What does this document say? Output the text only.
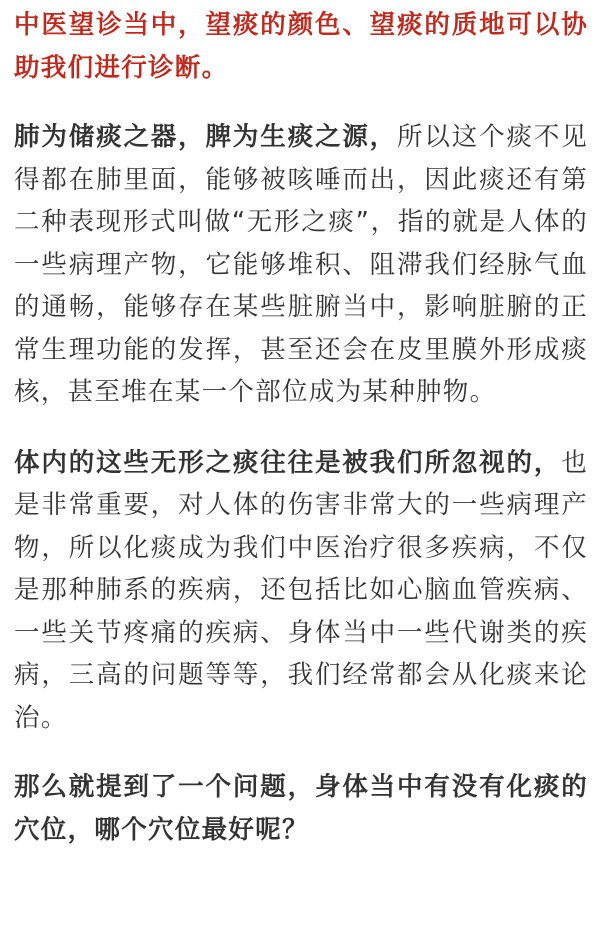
中医望诊当中，望痰的颜色、望痰的质地可以协助我们进行诊断。

肺为储痰之器，脾为生痰之源，所以这个痰不见得都在肺里面，能够被咳唾而出，因此痰还有第二种表现形式叫做“无形之痰”，指的就是人体的一些病理产物，它能够堆积、阻滞我们经脉气血的通畅，能够存在某些脏腑当中，影响脏腑的正常生理功能的发挥，甚至还会在皮里膜外形成痰核，甚至堆在某一个部位成为某种肿物。

体内的这些无形之痰往往是被我们所忽视的，也是非常重要，对人体的伤害非常大的一些病理产物，所以化痰成为我们中医治疗很多疾病，不仅是那种肺系的疾病，还包括比如心脑血管疾病、一些关节疼痛的疾病、身体当中一些代谢类的疾病，三高的问题等等，我们经常都会从化痰来论治。

那么就提到了一个问题，身体当中有没有化痰的穴位，哪个穴位最好呢？
